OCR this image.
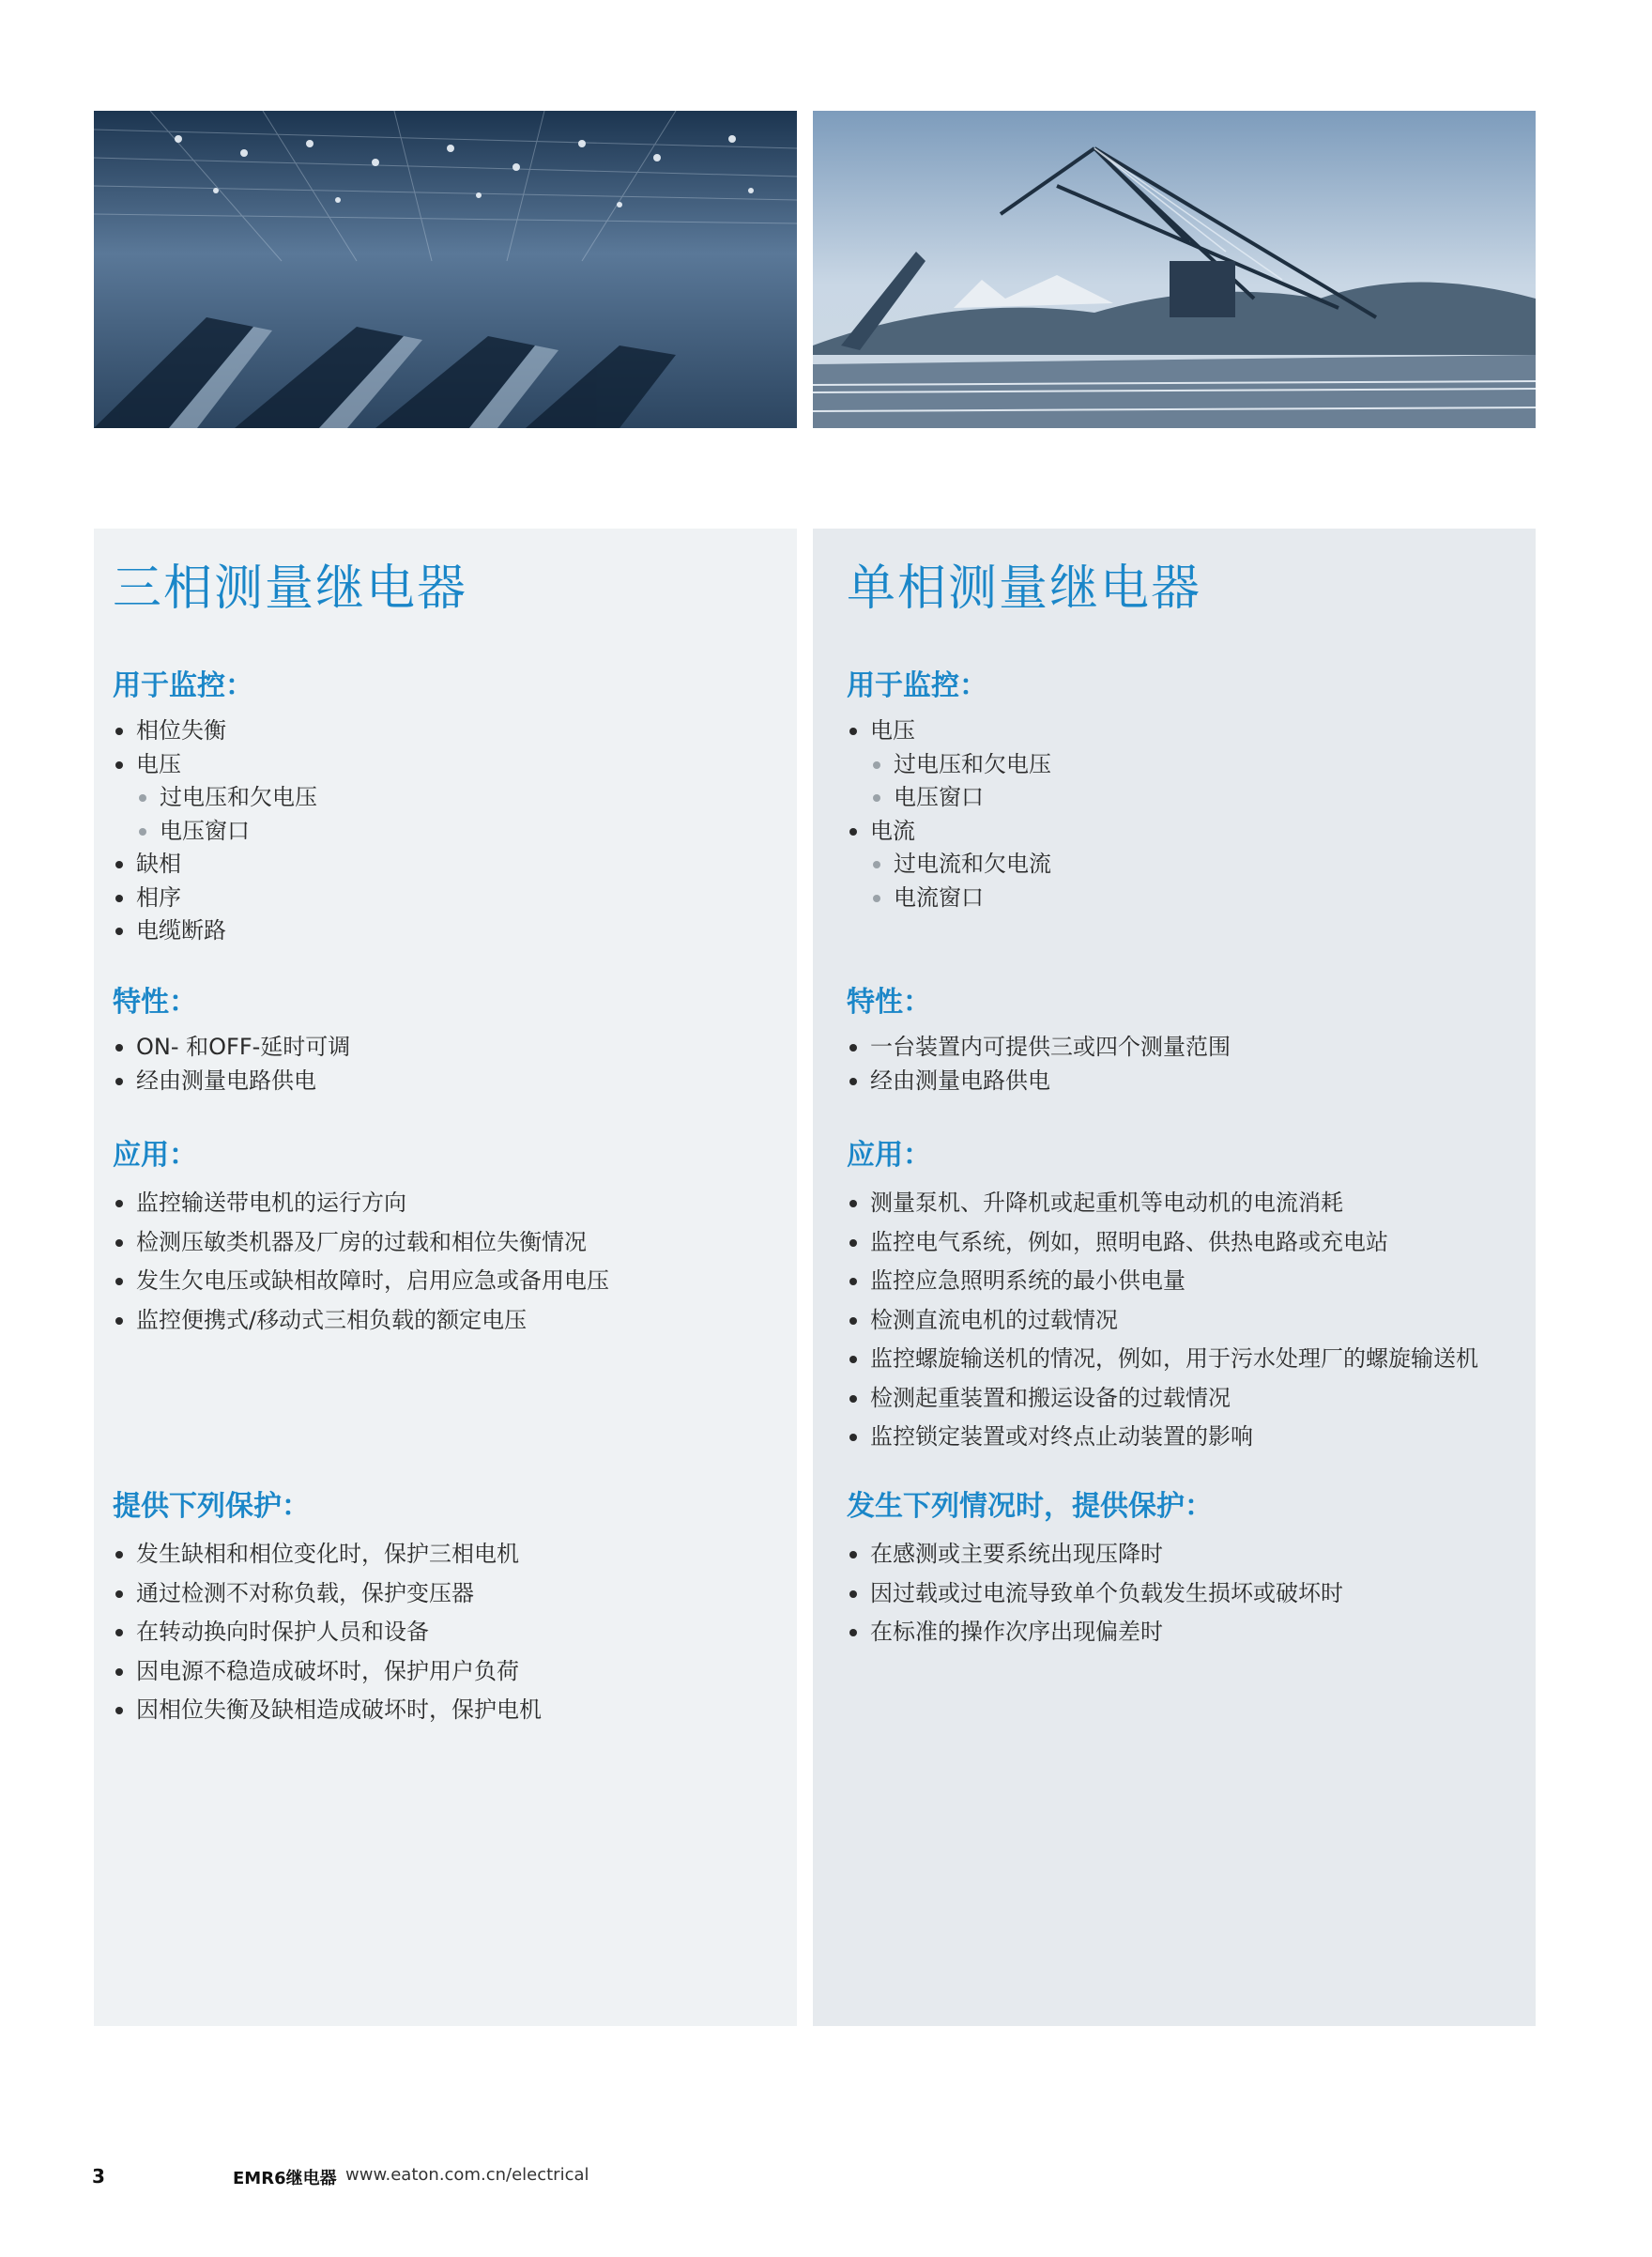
三相测量继电器
用于监控：
相位失衡
电压
过电压和欠电压
电压窗口
缺相
相序
电缆断路
特性：
ON- 和OFF-延时可调
经由测量电路供电
应用：
监控输送带电机的运行方向
检测压敏类机器及厂房的过载和相位失衡情况
发生欠电压或缺相故障时，启用应急或备用电压
监控便携式/移动式三相负载的额定电压
提供下列保护：
发生缺相和相位变化时，保护三相电机
通过检测不对称负载，保护变压器
在转动换向时保护人员和设备
因电源不稳造成破坏时，保护用户负荷
因相位失衡及缺相造成破坏时，保护电机
单相测量继电器
用于监控：
电压
过电压和欠电压
电压窗口
电流
过电流和欠电流
电流窗口
特性：
一台装置内可提供三或四个测量范围
经由测量电路供电
应用：
测量泵机、升降机或起重机等电动机的电流消耗
监控电气系统，例如，照明电路、供热电路或充电站
监控应急照明系统的最小供电量
检测直流电机的过载情况
监控螺旋输送机的情况，例如，用于污水处理厂的螺旋输送机
检测起重装置和搬运设备的过载情况
监控锁定装置或对终点止动装置的影响
发生下列情况时，提供保护：
在感测或主要系统出现压降时
因过载或过电流导致单个负载发生损坏或破坏时
在标准的操作次序出现偏差时
3	EMR6继电器 www.eaton.com.cn/electrical
